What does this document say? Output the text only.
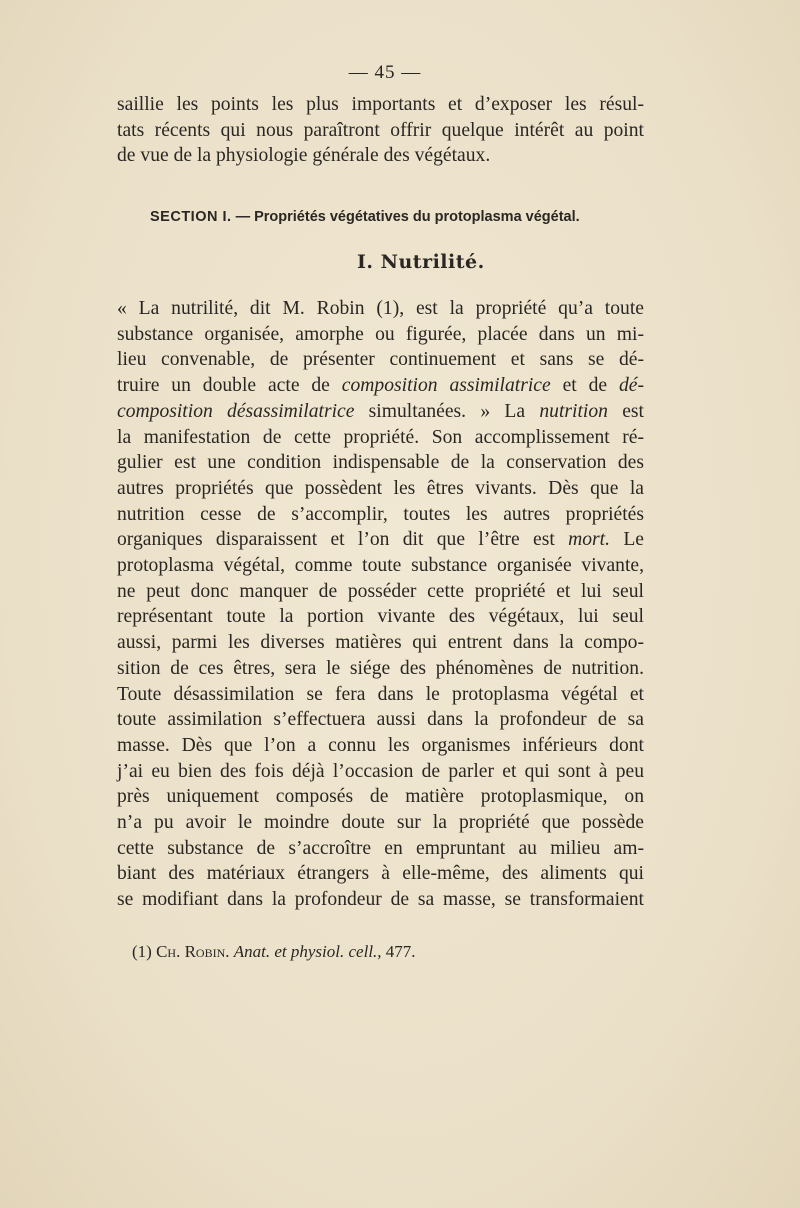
— 45 —
saillie les points les plus importants et d’exposer les résul-
tats récents qui nous paraîtront offrir quelque intérêt au point
de vue de la physiologie générale des végétaux.
SECTION I. — Propriétés végétatives du protoplasma végétal.
I. Nutrilité.
« La nutrilité, dit M. Robin (1), est la propriété qu’a toute
substance organisée, amorphe ou figurée, placée dans un mi-
lieu convenable, de présenter continuement et sans se dé-
truire un double acte de composition assimilatrice et de dé-
composition désassimilatrice simultanées. » La nutrition est
la manifestation de cette propriété. Son accomplissement ré-
gulier est une condition indispensable de la conservation des
autres propriétés que possèdent les êtres vivants. Dès que la
nutrition cesse de s’accomplir, toutes les autres propriétés
organiques disparaissent et l’on dit que l’être est mort. Le
protoplasma végétal, comme toute substance organisée vivante,
ne peut donc manquer de posséder cette propriété et lui seul
représentant toute la portion vivante des végétaux, lui seul
aussi, parmi les diverses matières qui entrent dans la compo-
sition de ces êtres, sera le siége des phénomènes de nutrition.
Toute désassimilation se fera dans le protoplasma végétal et
toute assimilation s’effectuera aussi dans la profondeur de sa
masse. Dès que l’on a connu les organismes inférieurs dont
j’ai eu bien des fois déjà l’occasion de parler et qui sont à peu
près uniquement composés de matière protoplasmique, on
n’a pu avoir le moindre doute sur la propriété que possède
cette substance de s’accroître en empruntant au milieu am-
biant des matériaux étrangers à elle-même, des aliments qui
se modifiant dans la profondeur de sa masse, se transformaient
(1) Ch. Robin. Anat. et physiol. cell., 477.
